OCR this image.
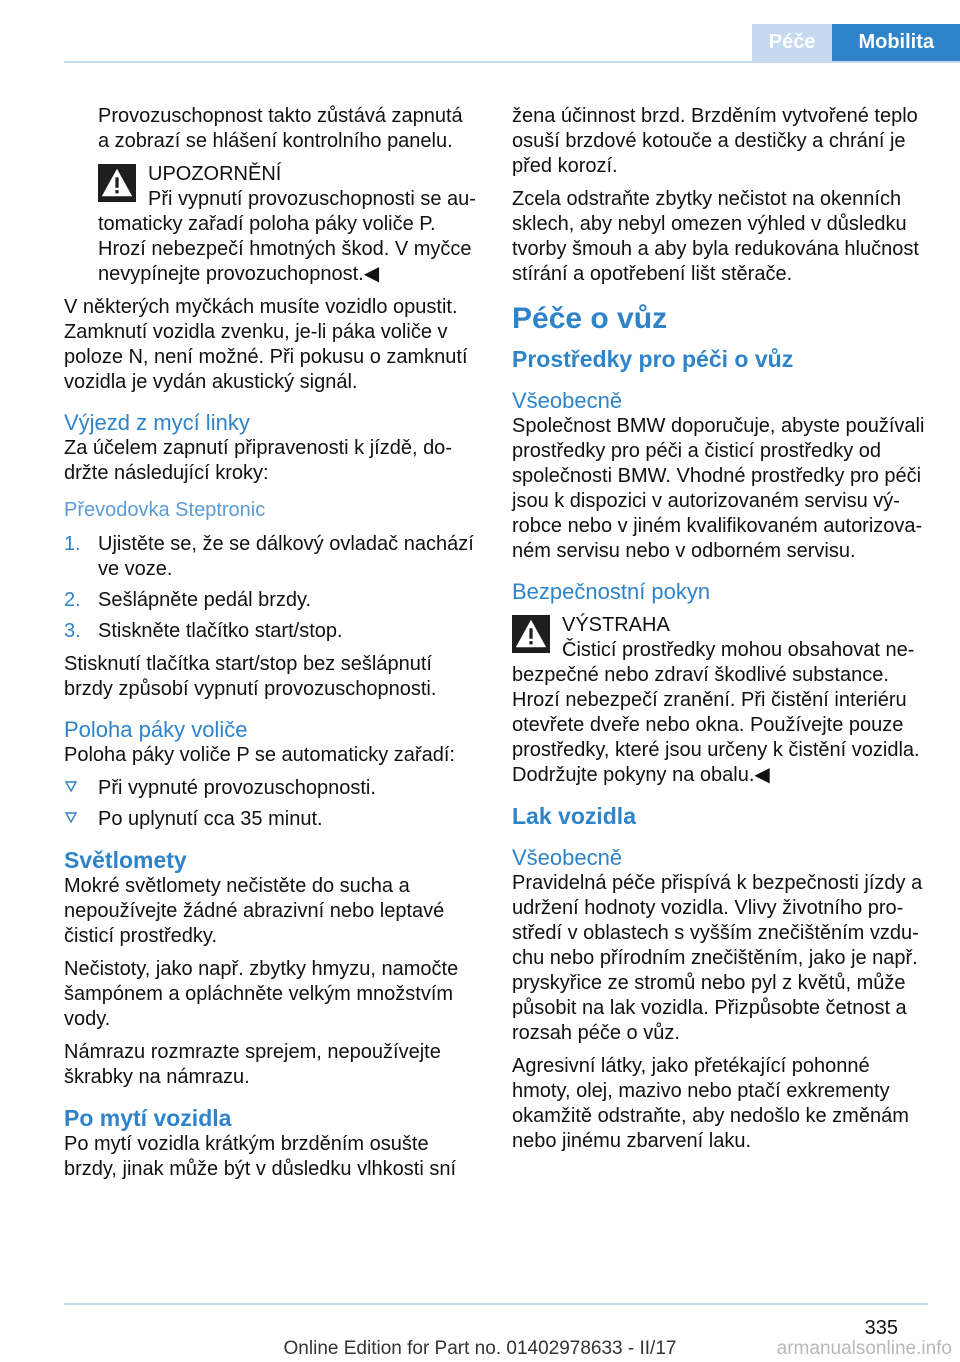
Péče	Mobilita

Provozuschopnost takto zůstává zapnutá a zobrazí se hlášení kontrolního panelu.

UPOZORNĚNÍ
Při vypnutí provozuschopnosti se automaticky zařadí poloha páky voliče P. Hrozí nebezpečí hmotných škod. V myčce nevypínejte provozuchopnost.◀

V některých myčkách musíte vozidlo opustit. Zamknutí vozidla zvenku, je-li páka voliče v poloze N, není možné. Při pokusu o zamknutí vozidla je vydán akustický signál.

Výjezd z mycí linky

Za účelem zapnutí připravenosti k jízdě, dodržte následující kroky:

Převodovka Steptronic
1. Ujistěte se, že se dálkový ovladač nachází ve voze.
2. Sešlápněte pedál brzdy.
3. Stiskněte tlačítko start/stop.

Stisknutí tlačítka start/stop bez sešlápnutí brzdy způsobí vypnutí provozuschopnosti.

Poloha páky voliče

Poloha páky voliče P se automaticky zařadí:

Při vypnuté provozuschopnosti.
Po uplynutí cca 35 minut.
Světlomety

Mokré světlomety nečistěte do sucha a nepoužívejte žádné abrazivní nebo leptavé čisticí prostředky.

Nečistoty, jako např. zbytky hmyzu, namočte šampónem a opláchněte velkým množstvím vody.

Námrazu rozmrazte sprejem, nepoužívejte škrabky na námrazu.

Po mytí vozidla

Po mytí vozidla krátkým brzděním osušte brzdy, jinak může být v důsledku vlhkosti sní

žena účinnost brzd. Brzděním vytvořené teplo osuší brzdové kotouče a destičky a chrání je před korozí.

Zcela odstraňte zbytky nečistot na okenních sklech, aby nebyl omezen výhled v důsledku tvorby šmouh a aby byla redukována hlučnost stírání a opotřebení lišt stěrače.

Péče o vůz
Prostředky pro péči o vůz
Všeobecně

Společnost BMW doporučuje, abyste používali prostředky pro péči a čisticí prostředky od společnosti BMW. Vhodné prostředky pro péči jsou k dispozici v autorizovaném servisu výrobce nebo v jiném kvalifikovaném autorizovaném servisu nebo v odborném servisu.

Bezpečnostní pokyn
VÝSTRAHA
Čisticí prostředky mohou obsahovat nebezpečné nebo zdraví škodlivé substance. Hrozí nebezpečí zranění. Při čistění interiéru otevřete dveře nebo okna. Používejte pouze prostředky, které jsou určeny k čistění vozidla. Dodržujte pokyny na obalu.◀
Lak vozidla
Všeobecně

Pravidelná péče přispívá k bezpečnosti jízdy a udržení hodnoty vozidla. Vlivy životního prostředí v oblastech s vyšším znečištěním vzduchu nebo přírodním znečištěním, jako je např. pryskyřice ze stromů nebo pyl z květů, může působit na lak vozidla. Přizpůsobte četnost a rozsah péče o vůz.

Agresivní látky, jako přetékající pohonné hmoty, olej, mazivo nebo ptačí exkrementy okamžitě odstraňte, aby nedošlo ke změnám nebo jinému zbarvení laku.

335
Online Edition for Part no. 01402978633 - II/17	armanualsonline.info
